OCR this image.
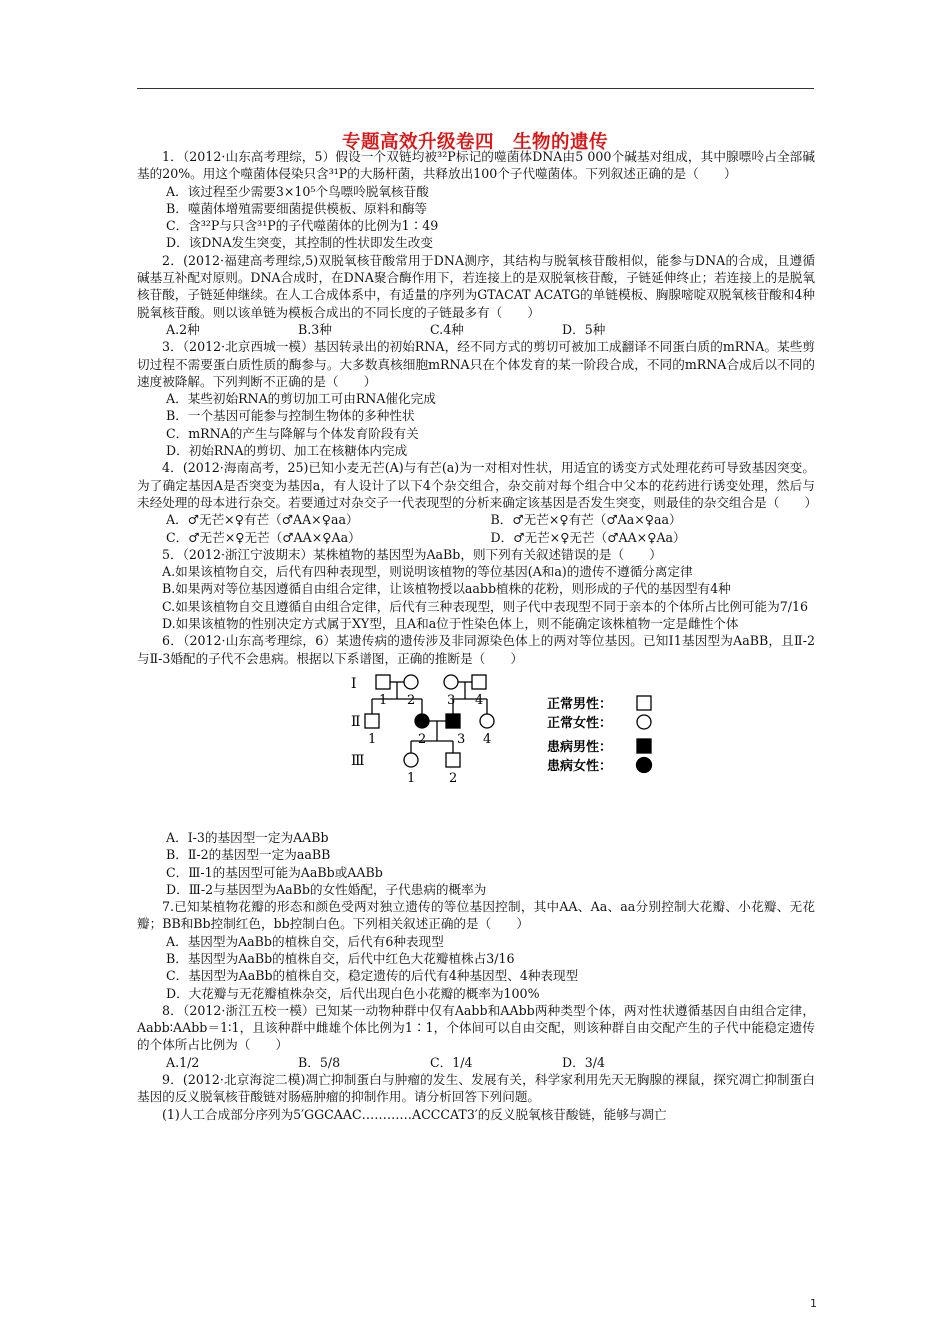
专题高效升级卷四　生物的遗传

1．（2012·山东高考理综，5）假设一个双链均被³²P标记的噬菌体DNA由5 000个碱基对组成，其中腺嘌呤占全部碱基的20%。用这个噬菌体侵染只含³¹P的大肠杆菌，共释放出100个子代噬菌体。下列叙述正确的是（　　）

A．该过程至少需要3×10⁵个鸟嘌呤脱氧核苷酸

B．噬菌体增殖需要细菌提供模板、原料和酶等

C．含³²P与只含³¹P的子代噬菌体的比例为1∶49

D．该DNA发生突变，其控制的性状即发生改变

2．(2012·福建高考理综,5)双脱氧核苷酸常用于DNA测序，其结构与脱氧核苷酸相似，能参与DNA的合成，且遵循碱基互补配对原则。DNA合成时，在DNA聚合酶作用下，若连接上的是双脱氧核苷酸，子链延伸终止；若连接上的是脱氧核苷酸，子链延伸继续。在人工合成体系中，有适量的序列为GTACAT ACATG的单链模板、胸腺嘧啶双脱氧核苷酸和4种脱氧核苷酸。则以该单链为模板合成出的不同长度的子链最多有（　　）

A.2种	B.3种	C.4种	D．5种

3．（2012·北京西城一模）基因转录出的初始RNA，经不同方式的剪切可被加工成翻译不同蛋白质的mRNA。某些剪切过程不需要蛋白质性质的酶参与。大多数真核细胞mRNA只在个体发育的某一阶段合成，不同的mRNA合成后以不同的速度被降解。下列判断不正确的是（　　）

A．某些初始RNA的剪切加工可由RNA催化完成

B．一个基因可能参与控制生物体的多种性状

C．mRNA的产生与降解与个体发育阶段有关

D．初始RNA的剪切、加工在核糖体内完成

4．(2012·海南高考，25)已知小麦无芒(A)与有芒(a)为一对相对性状，用适宜的诱变方式处理花药可导致基因突变。为了确定基因A是否突变为基因a，有人设计了以下4个杂交组合，杂交前对每个组合中父本的花药进行诱变处理，然后与未经处理的母本进行杂交。若要通过对杂交子一代表现型的分析来确定该基因是否发生突变，则最佳的杂交组合是（　　）

A．♂无芒×♀有芒（♂AA×♀aa）	B．♂无芒×♀有芒（♂Aa×♀aa）
C．♂无芒×♀无芒（♂AA×♀Aa）	D．♂无芒×♀无芒（♂AA×♀Aa）

5．（2012·浙江宁波期末）某株植物的基因型为AaBb，则下列有关叙述错误的是（　　）

A.如果该植物自交，后代有四种表现型，则说明该植物的等位基因(A和a)的遗传不遵循分离定律

B.如果两对等位基因遵循自由组合定律，让该植物授以aabb植株的花粉，则形成的子代的基因型有4种

C.如果该植物自交且遵循自由组合定律，后代有三种表现型，则子代中表现型不同于亲本的个体所占比例可能为7/16

D.如果该植物的性别决定方式属于XY型，且A和a位于性染色体上，则不能确定该株植物一定是雌性个体

6．（2012·山东高考理综，6）某遗传病的遗传涉及非同源染色体上的两对等位基因。已知Ⅰ1基因型为AaBB，且Ⅱ-2与Ⅱ-3婚配的子代不会患病。根据以下系谱图，正确的推断是（　　）

Ⅰ
Ⅱ
Ⅲ
1 2 3 4
1	2 3 4
1	2
正常男性：
正常女性：
患病男性：
患病女性：

A．Ⅰ-3的基因型一定为AABb

B．Ⅱ-2的基因型一定为aaBB

C．Ⅲ-1的基因型可能为AaBb或AABb

D．Ⅲ-2与基因型为AaBb的女性婚配，子代患病的概率为

7.已知某植物花瓣的形态和颜色受两对独立遗传的等位基因控制，其中AA、Aa、aa分别控制大花瓣、小花瓣、无花瓣；BB和Bb控制红色，bb控制白色。下列相关叙述正确的是（　　）

A．基因型为AaBb的植株自交，后代有6种表现型

B．基因型为AaBb的植株自交，后代中红色大花瓣植株占3/16

C．基因型为AaBb的植株自交，稳定遗传的后代有4种基因型、4种表现型

D．大花瓣与无花瓣植株杂交，后代出现白色小花瓣的概率为100%

8．（2012·浙江五校一模）已知某一动物种群中仅有Aabb和AAbb两种类型个体，两对性状遵循基因自由组合定律，Aabb∶AAbb＝1∶1，且该种群中雌雄个体比例为1∶1，个体间可以自由交配，则该种群自由交配产生的子代中能稳定遗传的个体所占比例为（　　）

A.1/2	B．5/8	C．1/4	D．3/4

9．(2012·北京海淀二模)凋亡抑制蛋白与肿瘤的发生、发展有关，科学家利用先天无胸腺的裸鼠，探究凋亡抑制蛋白基因的反义脱氧核苷酸链对肠癌肿瘤的抑制作用。请分析回答下列问题。

(1)人工合成部分序列为5′GGCAAC…………ACCCAT3′的反义脱氧核苷酸链，能够与凋亡

1
